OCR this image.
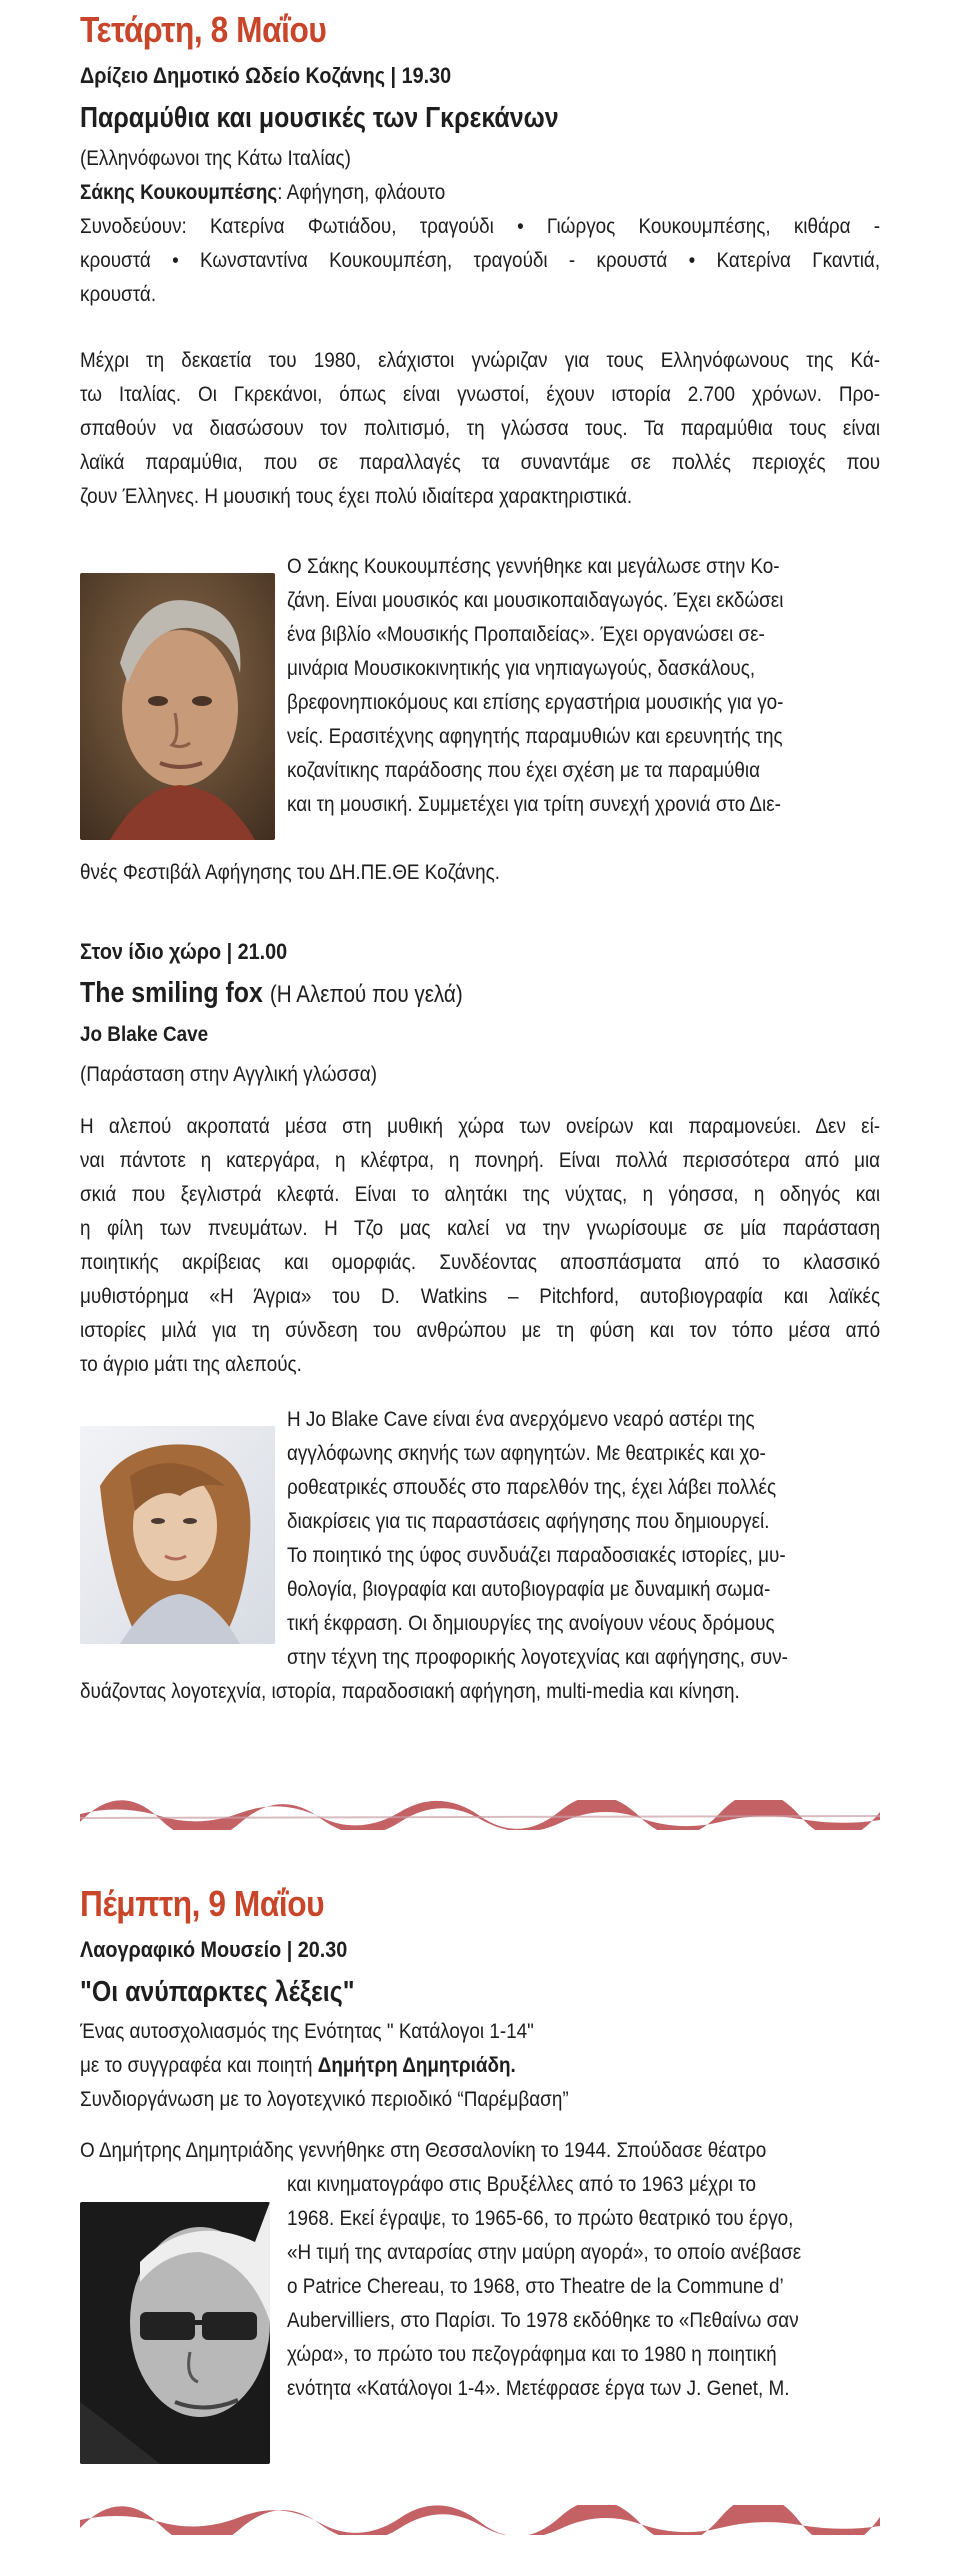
Τετάρτη, 8 Μαΐου

Δρίζειο Δημοτικό Ωδείο Κοζάνης | 19.30

Παραμύθια και μουσικές των Γκρεκάνων

(Ελληνόφωνοι της Κάτω Ιταλίας)

Σάκης Κουκουμπέσης: Αφήγηση, φλάουτο

Συνοδεύουν: Κατερίνα Φωτιάδου, τραγούδι • Γιώργος Κουκουμπέσης, κιθάρα -
κρουστά • Κωνσταντίνα Κουκουμπέση, τραγούδι - κρουστά • Κατερίνα Γκαντιά,
κρουστά.
Μέχρι τη δεκαετία του 1980, ελάχιστοι γνώριζαν για τους Ελληνόφωνους της Κά-
τω Ιταλίας. Οι Γκρεκάνοι, όπως είναι γνωστοί, έχουν ιστορία 2.700 χρόνων. Προ-
σπαθούν να διασώσουν τον πολιτισμό, τη γλώσσα τους. Τα παραμύθια τους είναι
λαϊκά παραμύθια, που σε παραλλαγές τα συναντάμε σε πολλές περιοχές που
ζουν Έλληνες. Η μουσική τους έχει πολύ ιδιαίτερα χαρακτηριστικά.
Ο Σάκης Κουκουμπέσης γεννήθηκε και μεγάλωσε στην Κο-
ζάνη. Είναι μουσικός και μουσικοπαιδαγωγός. Έχει εκδώσει
ένα βιβλίο «Μουσικής Προπαιδείας». Έχει οργανώσει σε-
μινάρια Μουσικοκινητικής για νηπιαγωγούς, δασκάλους,
βρεφονηπιοκόμους και επίσης εργαστήρια μουσικής για γο-
νείς. Ερασιτέχνης αφηγητής παραμυθιών και ερευνητής της
κοζανίτικης παράδοσης που έχει σχέση με τα παραμύθια
και τη μουσική. Συμμετέχει για τρίτη συνεχή χρονιά στο Διε-

θνές Φεστιβάλ Αφήγησης του ΔΗ.ΠΕ.ΘΕ Κοζάνης.

Στον ίδιο χώρο | 21.00

The smiling fox (Η Αλεπού που γελά)

Jo Blake Cave

(Παράσταση στην Αγγλική γλώσσα)

Η αλεπού ακροπατά μέσα στη μυθική χώρα των ονείρων και παραμονεύει. Δεν εί-
ναι πάντοτε η κατεργάρα, η κλέφτρα, η πονηρή. Είναι πολλά περισσότερα από μια
σκιά που ξεγλιστρά κλεφτά. Είναι το αλητάκι της νύχτας, η γόησσα, η οδηγός και
η φίλη των πνευμάτων. Η Τζο μας καλεί να την γνωρίσουμε σε μία παράσταση
ποιητικής ακρίβειας και ομορφιάς. Συνδέοντας αποσπάσματα από το κλασσικό
μυθιστόρημα «Η Άγρια» του D. Watkins – Pitchford, αυτοβιογραφία και λαϊκές
ιστορίες μιλά για τη σύνδεση του ανθρώπου με τη φύση και τον τόπο μέσα από
το άγριο μάτι της αλεπούς.
Η Jo Blake Cave είναι ένα ανερχόμενο νεαρό αστέρι της
αγγλόφωνης σκηνής των αφηγητών. Με θεατρικές και χο-
ροθεατρικές σπουδές στο παρελθόν της, έχει λάβει πολλές
διακρίσεις για τις παραστάσεις αφήγησης που δημιουργεί.
Το ποιητικό της ύφος συνδυάζει παραδοσιακές ιστορίες, μυ-
θολογία, βιογραφία και αυτοβιογραφία με δυναμική σωμα-
τική έκφραση. Οι δημιουργίες της ανοίγουν νέους δρόμους
στην τέχνη της προφορικής λογοτεχνίας και αφήγησης, συν-

δυάζοντας λογοτεχνία, ιστορία, παραδοσιακή αφήγηση, multi-media και κίνηση.

Πέμπτη, 9 Μαΐου

Λαογραφικό Μουσείο | 20.30

"Οι ανύπαρκτες λέξεις"

Ένας αυτοσχολιασμός της Ενότητας " Κατάλογοι 1-14"

με το συγγραφέα και ποιητή Δημήτρη Δημητριάδη.

Συνδιοργάνωση με το λογοτεχνικό περιοδικό “Παρέμβαση”

Ο Δημήτρης Δημητριάδης γεννήθηκε στη Θεσσαλονίκη το 1944. Σπούδασε θέατρο

και κινηματογράφο στις Βρυξέλλες από το 1963 μέχρι το
1968. Εκεί έγραψε, το 1965-66, το πρώτο θεατρικό του έργο,
«Η τιμή της ανταρσίας στην μαύρη αγορά», το οποίο ανέβασε
ο Patrice Chereau, το 1968, στο Theatre de la Commune d’
Aubervilliers, στο Παρίσι. Το 1978 εκδόθηκε το «Πεθαίνω σαν
χώρα», το πρώτο του πεζογράφημα και το 1980 η ποιητική
ενότητα «Κατάλογοι 1-4». Μετέφρασε έργα των J. Genet, M.
